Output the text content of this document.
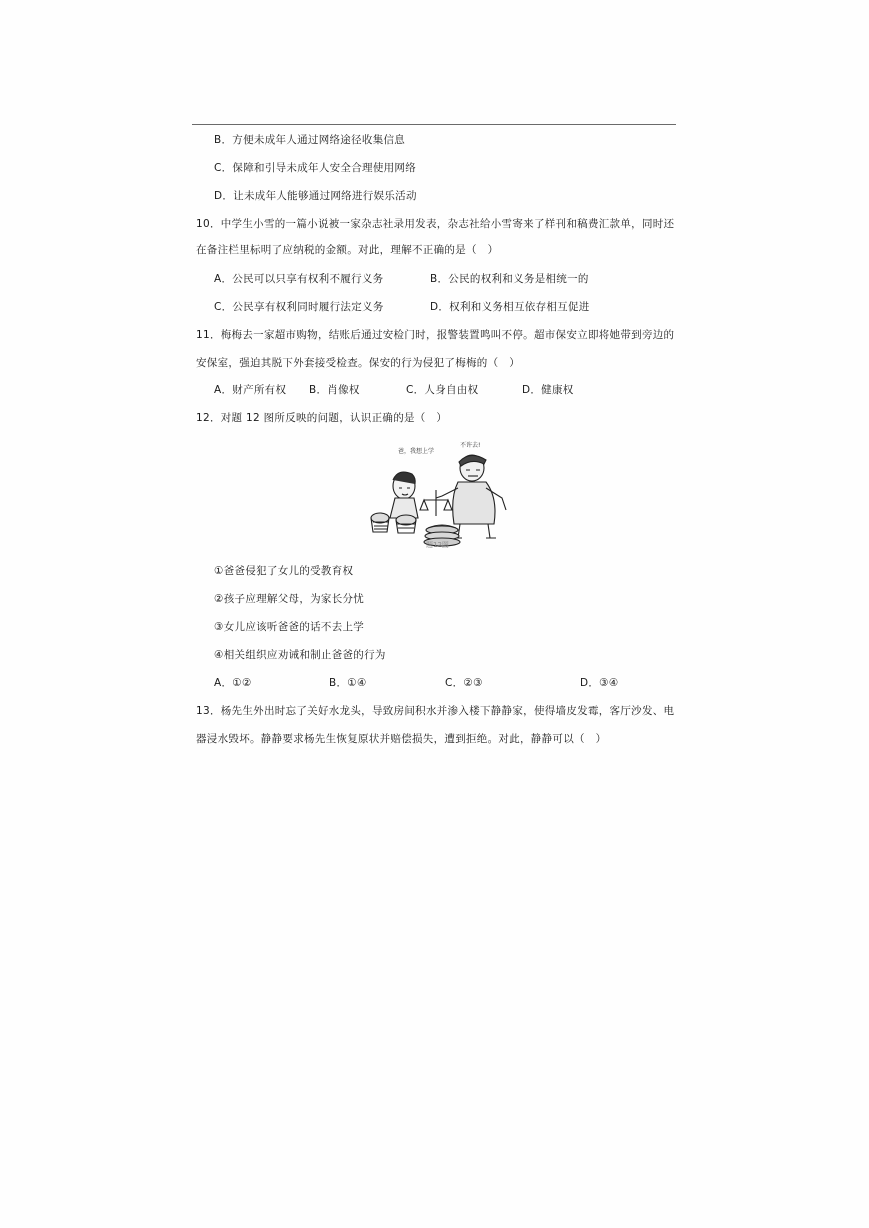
B．方便未成年人通过网络途径收集信息
C．保障和引导未成年人安全合理使用网络
D．让未成年人能够通过网络进行娱乐活动
10．中学生小雪的一篇小说被一家杂志社录用发表，杂志社给小雪寄来了样刊和稿费汇款单，同时还
在备注栏里标明了应纳税的金额。对此，理解不正确的是（　）
A．公民可以只享有权利不履行义务	B．公民的权利和义务是相统一的
C．公民享有权利同时履行法定义务	D．权利和义务相互依存相互促进
11．梅梅去一家超市购物，结账后通过安检门时，报警装置鸣叫不停。超市保安立即将她带到旁边的
安保室，强迫其脱下外套接受检查。保安的行为侵犯了梅梅的（　）
A．财产所有权 B．肖像权	C．人身自由权	D．健康权
12．对题 12 图所反映的问题，认识正确的是（　）
爸，我想上学
不许去!
题12图
①爸爸侵犯了女儿的受教育权
②孩子应理解父母，为家长分忧
③女儿应该听爸爸的话不去上学
④相关组织应劝诫和制止爸爸的行为
A．①②	B．①④	C．②③	D．③④
13．杨先生外出时忘了关好水龙头，导致房间积水并渗入楼下静静家，使得墙皮发霉，客厅沙发、电
器浸水毁坏。静静要求杨先生恢复原状并赔偿损失，遭到拒绝。对此，静静可以（　）
